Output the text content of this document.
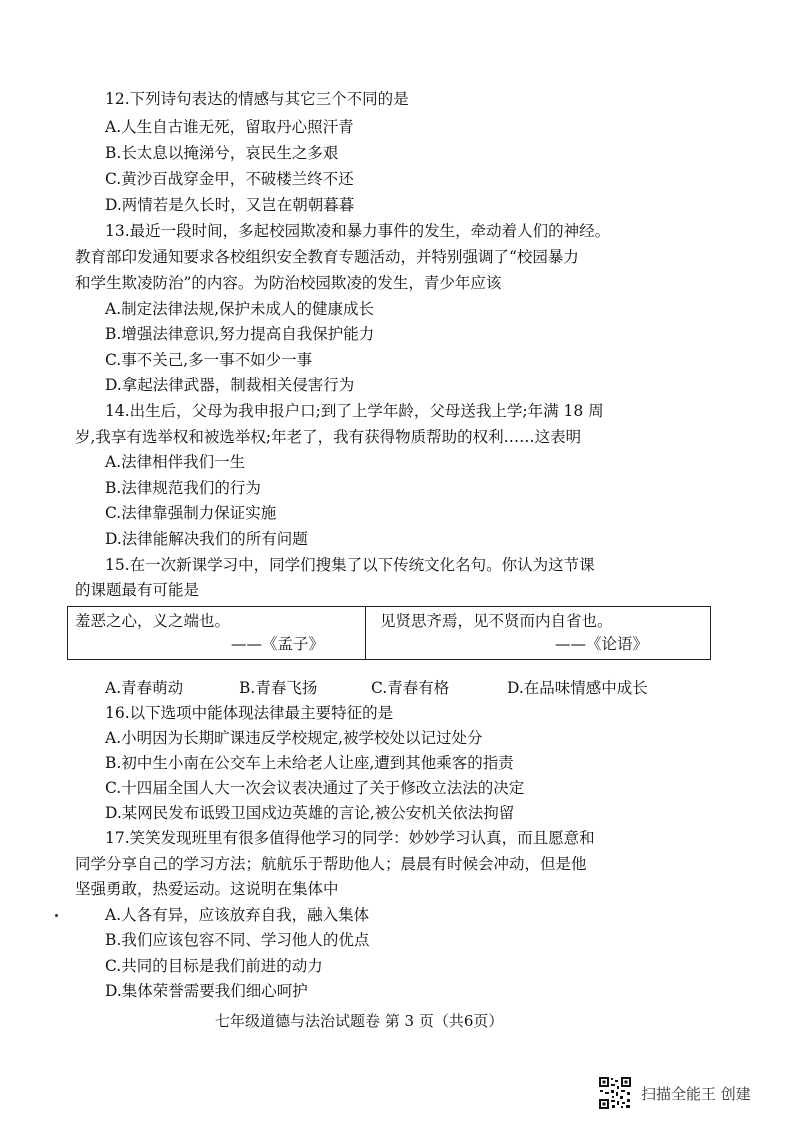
12.下列诗句表达的情感与其它三个不同的是
A.人生自古谁无死，留取丹心照汗青
B.长太息以掩涕兮，哀民生之多艰
C.黄沙百战穿金甲，不破楼兰终不还
D.两情若是久长时，又岂在朝朝暮暮
13.最近一段时间，多起校园欺凌和暴力事件的发生，牵动着人们的神经。
教育部印发通知要求各校组织安全教育专题活动，并特别强调了“校园暴力
和学生欺凌防治”的内容。为防治校园欺凌的发生，青少年应该
A.制定法律法规,保护未成人的健康成长
B.增强法律意识,努力提高自我保护能力
C.事不关己,多一事不如少一事
D.拿起法律武器，制裁相关侵害行为
14.出生后，父母为我申报户口;到了上学年龄，父母送我上学;年满 18 周
岁,我享有选举权和被选举权;年老了，我有获得物质帮助的权利……这表明
A.法律相伴我们一生
B.法律规范我们的行为
C.法律靠强制力保证实施
D.法律能解决我们的所有问题
15.在一次新课学习中，同学们搜集了以下传统文化名句。你认为这节课
的课题最有可能是
羞恶之心，义之端也。
——《孟子》
见贤思齐焉，见不贤而内自省也。
——《论语》
A.青春萌动	B.青春飞扬	C.青春有格	D.在品味情感中成长
16.以下选项中能体现法律最主要特征的是
A.小明因为长期旷课违反学校规定,被学校处以记过处分
B.初中生小南在公交车上未给老人让座,遭到其他乘客的指责
C.十四届全国人大一次会议表决通过了关于修改立法法的决定
D.某网民发布诋毁卫国戍边英雄的言论,被公安机关依法拘留
17.笑笑发现班里有很多值得他学习的同学：妙妙学习认真，而且愿意和
同学分享自己的学习方法；航航乐于帮助他人；晨晨有时候会冲动，但是他
坚强勇敢，热爱运动。这说明在集体中
A.人各有异，应该放弃自我，融入集体
B.我们应该包容不同、学习他人的优点
C.共同的目标是我们前进的动力
D.集体荣誉需要我们细心呵护
七年级道德与法治试题卷 第 3 页（共6页）
扫描全能王 创建
